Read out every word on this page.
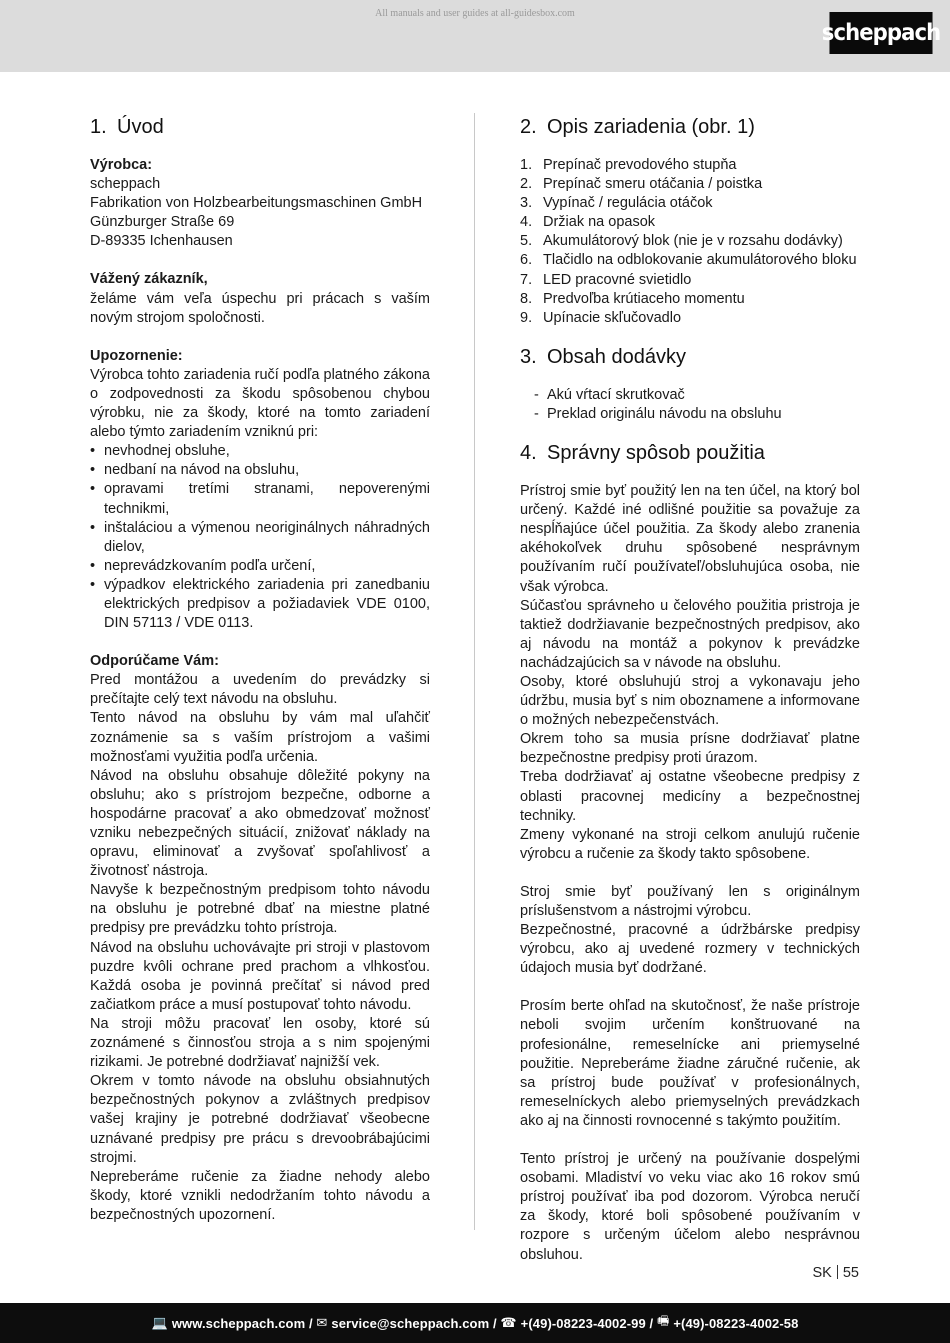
All manuals and user guides at all-guidesbox.com
scheppach
1. Úvod
Výrobca:
scheppach
Fabrikation von Holzbearbeitungsmaschinen GmbH
Günzburger Straße 69
D-89335 Ichenhausen
Vážený zákazník,

želáme vám veľa úspechu pri prácach s vaším novým strojom spoločnosti.

Upozornenie:

Výrobca tohto zariadenia ručí podľa platného zákona o zodpovednosti za škodu spôsobenou chybou výrobku, nie za škody, ktoré na tomto zariadení alebo týmto zariadením vzniknú pri:

• nevhodnej obsluhe,
• nedbaní na návod na obsluhu,
• opravami tretími stranami, nepoverenými technikmi,
• inštaláciou a výmenou neoriginálnych náhradných dielov,
• neprevádzkovaním podľa určení,
• výpadkov elektrického zariadenia pri zanedbaniu elektrických predpisov a požiadaviek VDE 0100, DIN 57113 / VDE 0113.
Odporúčame Vám:

Pred montážou a uvedením do prevádzky si prečítajte celý text návodu na obsluhu.

Tento návod na obsluhu by vám mal uľahčiť zoznámenie sa s vaším prístrojom a vašimi možnosťami využitia podľa určenia.

Návod na obsluhu obsahuje dôležité pokyny na obsluhu; ako s prístrojom bezpečne, odborne a hospodárne pracovať a ako obmedzovať možnosť vzniku nebezpečných situácií, znižovať náklady na opravu, eliminovať a zvyšovať spoľahlivosť a životnosť nástroja.

Navyše k bezpečnostným predpisom tohto návodu na obsluhu je potrebné dbať na miestne platné predpisy pre prevádzku tohto prístroja.

Návod na obsluhu uchovávajte pri stroji v plastovom puzdre kvôli ochrane pred prachom a vlhkosťou. Každá osoba je povinná prečítať si návod pred začiatkom práce a musí postupovať tohto návodu.

Na stroji môžu pracovať len osoby, ktoré sú zoznámené s činnosťou stroja a s nim spojenými rizikami. Je potrebné dodržiavať najnižší vek.

Okrem v tomto návode na obsluhu obsiahnutých bezpečnostných pokynov a zvláštnych predpisov vašej krajiny je potrebné dodržiavať všeobecne uznávané predpisy pre prácu s drevoobrábajúcimi strojmi.

Nepreberáme ručenie za žiadne nehody alebo škody, ktoré vznikli nedodržaním tohto návodu a bezpečnostných upozornení.

2. Opis zariadenia (obr. 1)
1. Prepínač prevodového stupňa
2. Prepínač smeru otáčania / poistka
3. Vypínač / regulácia otáčok
4. Držiak na opasok
5. Akumulátorový blok (nie je v rozsahu dodávky)
6. Tlačidlo na odblokovanie akumulátorového bloku
7. LED pracovné svietidlo
8. Predvoľba krútiaceho momentu
9. Upínacie skľučovadlo
3. Obsah dodávky
- Akú vŕtací skrutkovač
- Preklad originálu návodu na obsluhu
4. Správny spôsob použitia

Prístroj smie byť použitý len na ten účel, na ktorý bol určený. Každé iné odlišné použitie sa považuje za nespĺňajúce účel použitia. Za škody alebo zranenia akéhokoľvek druhu spôsobené nesprávnym používaním ručí používateľ/obsluhujúca osoba, nie však výrobca.

Súčasťou správneho u čelového použitia pristroja je taktiež dodržiavanie bezpečnostných predpisov, ako aj návodu na montáž a pokynov k prevádzke nachádzajúcich sa v návode na obsluhu.

Osoby, ktoré obsluhujú stroj a vykonavaju jeho údržbu, musia byť s nim oboznamene a informovane o možných nebezpečenstvách.

Okrem toho sa musia prísne dodržiavať platne bezpečnostne predpisy proti úrazom.

Treba dodržiavať aj ostatne všeobecne predpisy z oblasti pracovnej medicíny a bezpečnostnej techniky.

Zmeny vykonané na stroji celkom anulujú ručenie výrobcu a ručenie za škody takto spôsobene.

Stroj smie byť používaný len s originálnym príslušenstvom a nástrojmi výrobcu.

Bezpečnostné, pracovné a údržbárske predpisy výrobcu, ako aj uvedené rozmery v technických údajoch musia byť dodržané.

Prosím berte ohľad na skutočnosť, že naše prístroje neboli svojim určením konštruované na profesionálne, remeselnícke ani priemyselné použitie. Nepreberáme žiadne záručné ručenie, ak sa prístroj bude používať v profesionálnych, remeselníckych alebo priemyselných prevádzkach ako aj na činnosti rovnocenné s takýmto použitím.

Tento prístroj je určený na používanie dospelými osobami. Mladiství vo veku viac ako 16 rokov smú prístroj používať iba pod dozorom. Výrobca neručí za škody, ktoré boli spôsobené používaním v rozpore s určeným účelom alebo nesprávnou obsluhou.

SK 55
💻 www.scheppach.com /
✉ service@scheppach.com /
☎ +(49)-08223-4002-99 /
🖷 +(49)-08223-4002-58
